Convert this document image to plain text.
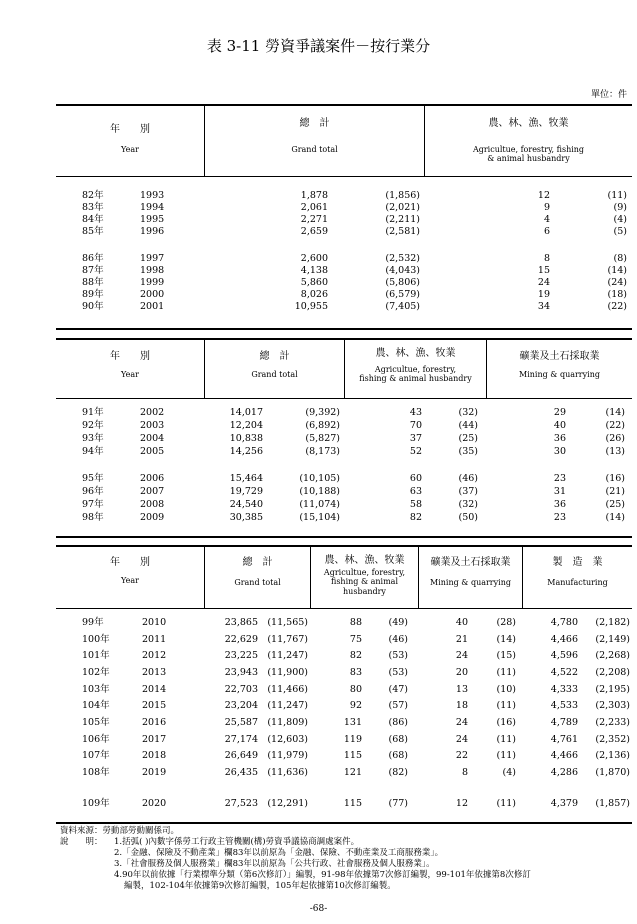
表 3-11 勞資爭議案件－按行業分
單位：件
年　　別
Year
總　計
Grand total
農、林、漁、牧業
Agricultue, forestry, fishing
& animal husbandry
82年	1993	1,878	(1,856)	12	(11)
83年	1994	2,061	(2,021)	9	(9)
84年	1995	2,271	(2,211)	4	(4)
85年	1996	2,659	(2,581)	6	(5)
86年	1997	2,600	(2,532)	8	(8)
87年	1998	4,138	(4,043)	15	(14)
88年	1999	5,860	(5,806)	24	(24)
89年	2000	8,026	(6,579)	19	(18)
90年	2001	10,955	(7,405)	34	(22)
年　　別
Year
總　計
Grand total
農、林、漁、牧業
Agricultue, forestry,
fishing & animal husbandry
礦業及土石採取業
Mining & quarrying
91年	2002	14,017	(9,392)	43	(32)	29	(14)
92年	2003	12,204	(6,892)	70	(44)	40	(22)
93年	2004	10,838	(5,827)	37	(25)	36	(26)
94年	2005	14,256	(8,173)	52	(35)	30	(13)
95年	2006	15,464	(10,105)	60	(46)	23	(16)
96年	2007	19,729	(10,188)	63	(37)	31	(21)
97年	2008	24,540	(11,074)	58	(32)	36	(25)
98年	2009	30,385	(15,104)	82	(50)	23	(14)
年　　別
Year
總　計
Grand total
農、林、漁、牧業
Agricultue, forestry,
fishing & animal
husbandry
礦業及土石採取業
Mining & quarrying
製　造　業
Manufacturing
99年	2010	23,865 (11,565)	88	(49)	40	(28)	4,780 (2,182)
100年	2011	22,629 (11,767)	75	(46)	21	(14)	4,466 (2,149)
101年	2012	23,225 (11,247)	82	(53)	24	(15)	4,596 (2,268)
102年	2013	23,943 (11,900)	83	(53)	20	(11)	4,522 (2,208)
103年	2014	22,703 (11,466)	80	(47)	13	(10)	4,333 (2,195)
104年	2015	23,204 (11,247)	92	(57)	18	(11)	4,533 (2,303)
105年	2016	25,587 (11,809)	131	(86)	24	(16)	4,789 (2,233)
106年	2017	27,174 (12,603)	119	(68)	24	(11)	4,761 (2,352)
107年	2018	26,649 (11,979)	115	(68)	22	(11)	4,466 (2,136)
108年	2019	26,435 (11,636)	121	(82)	8	(4)	4,286 (1,870)
109年	2020	27,523 (12,291)	115	(77)	12	(11)	4,379 (1,857)
資料來源：勞動部勞動關係司。
說　　明： 1.括弧( )內數字係勞工行政主管機關(構)勞資爭議協商調處案件。
2.「金融、保險及不動產業」欄83年以前原為「金融、保險、不動產業及工商服務業」。
3.「社會服務及個人服務業」欄83年以前原為「公共行政、社會服務及個人服務業」。
4.90年以前依據「行業標準分類（第6次修訂）」編製，91-98年依據第7次修訂編製，99-101年依據第8次修訂
編製，102-104年依據第9次修訂編製，105年起依據第10次修訂編製。
-68-
